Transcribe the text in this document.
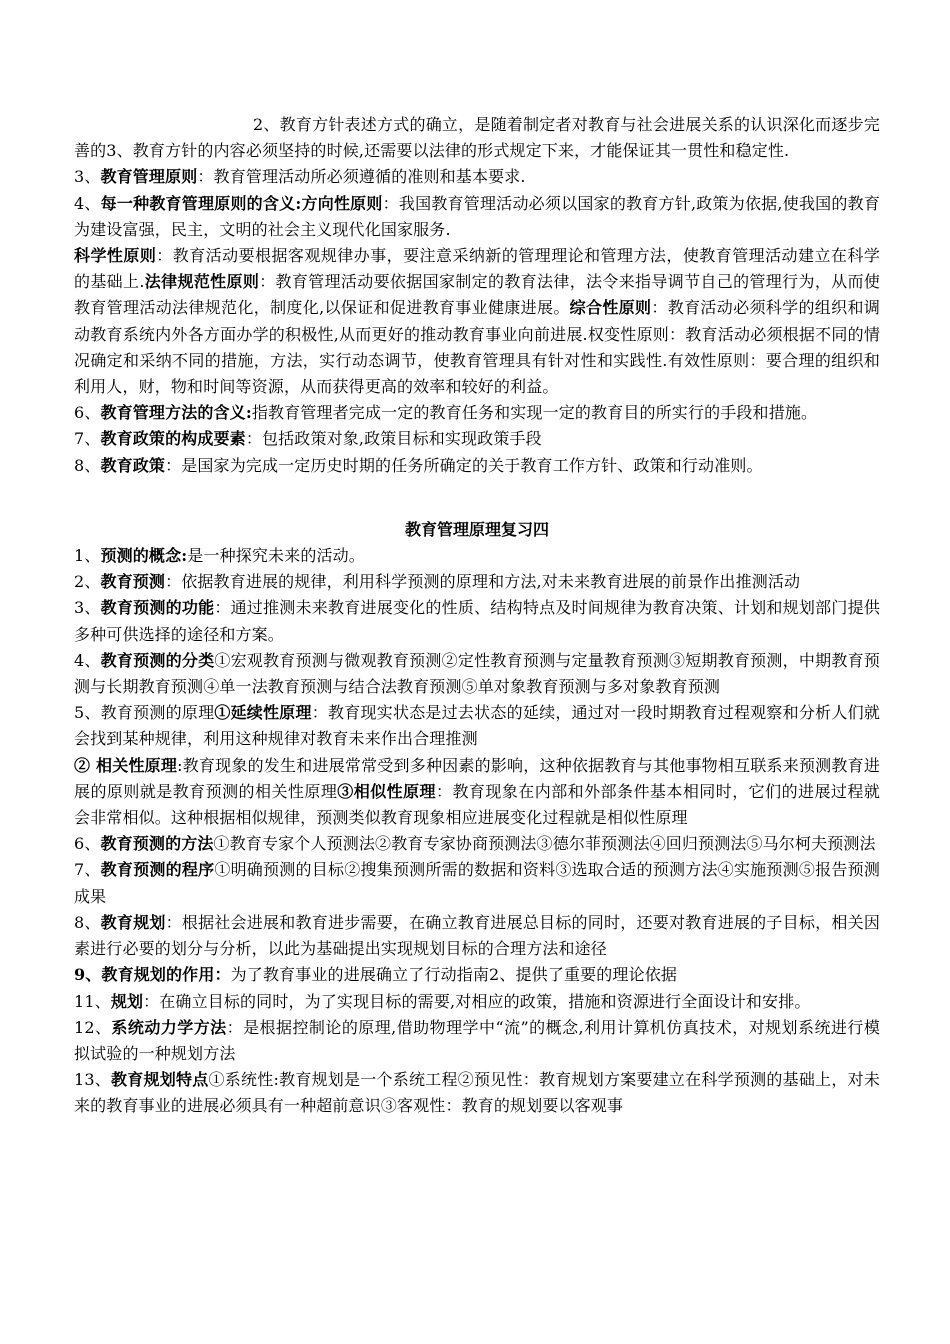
2、教育方针表述方式的确立，是随着制定者对教育与社会进展关系的认识深化而逐步完善的3、教育方针的内容必须坚持的时候,还需要以法律的形式规定下来，才能保证其一贯性和稳定性.

3、教育管理原则：教育管理活动所必须遵循的准则和基本要求.

4、每一种教育管理原则的含义:方向性原则：我国教育管理活动必须以国家的教育方针,政策为依据,使我国的教育为建设富强，民主，文明的社会主义现代化国家服务.

科学性原则：教育活动要根据客观规律办事，要注意采纳新的管理理论和管理方法，使教育管理活动建立在科学的基础上.法律规范性原则：教育管理活动要依据国家制定的教育法律，法令来指导调节自己的管理行为，从而使教育管理活动法律规范化，制度化,以保证和促进教育事业健康进展。综合性原则：教育活动必须科学的组织和调动教育系统内外各方面办学的积极性,从而更好的推动教育事业向前进展.权变性原则：教育活动必须根据不同的情况确定和采纳不同的措施，方法，实行动态调节，使教育管理具有针对性和实践性.有效性原则：要合理的组织和利用人，财，物和时间等资源，从而获得更高的效率和较好的利益。

6、教育管理方法的含义:指教育管理者完成一定的教育任务和实现一定的教育目的所实行的手段和措施。

7、教育政策的构成要素：包括政策对象,政策目标和实现政策手段

8、教育政策：是国家为完成一定历史时期的任务所确定的关于教育工作方针、政策和行动准则。

教育管理原理复习四

1、预测的概念:是一种探究未来的活动。

2、教育预测：依据教育进展的规律，利用科学预测的原理和方法,对未来教育进展的前景作出推测活动

3、教育预测的功能：通过推测未来教育进展变化的性质、结构特点及时间规律为教育决策、计划和规划部门提供多种可供选择的途径和方案。

4、教育预测的分类①宏观教育预测与微观教育预测②定性教育预测与定量教育预测③短期教育预测，中期教育预测与长期教育预测④单一法教育预测与结合法教育预测⑤单对象教育预测与多对象教育预测

5、教育预测的原理①延续性原理：教育现实状态是过去状态的延续，通过对一段时期教育过程观察和分析人们就会找到某种规律，利用这种规律对教育未来作出合理推测

② 相关性原理:教育现象的发生和进展常常受到多种因素的影响，这种依据教育与其他事物相互联系来预测教育进展的原则就是教育预测的相关性原理③相似性原理：教育现象在内部和外部条件基本相同时，它们的进展过程就会非常相似。这种根据相似规律，预测类似教育现象相应进展变化过程就是相似性原理

6、教育预测的方法①教育专家个人预测法②教育专家协商预测法③德尔菲预测法④回归预测法⑤马尔柯夫预测法

7、教育预测的程序①明确预测的目标②搜集预测所需的数据和资料③选取合适的预测方法④实施预测⑤报告预测成果

8、教育规划：根据社会进展和教育进步需要，在确立教育进展总目标的同时，还要对教育进展的子目标，相关因素进行必要的划分与分析，以此为基础提出实现规划目标的合理方法和途径

9、教育规划的作用：为了教育事业的进展确立了行动指南2、提供了重要的理论依据

11、规划：在确立目标的同时，为了实现目标的需要,对相应的政策，措施和资源进行全面设计和安排。

12、系统动力学方法：是根据控制论的原理,借助物理学中“流”的概念,利用计算机仿真技术，对规划系统进行模拟试验的一种规划方法

13、教育规划特点①系统性:教育规划是一个系统工程②预见性：教育规划方案要建立在科学预测的基础上，对未来的教育事业的进展必须具有一种超前意识③客观性：教育的规划要以客观事
